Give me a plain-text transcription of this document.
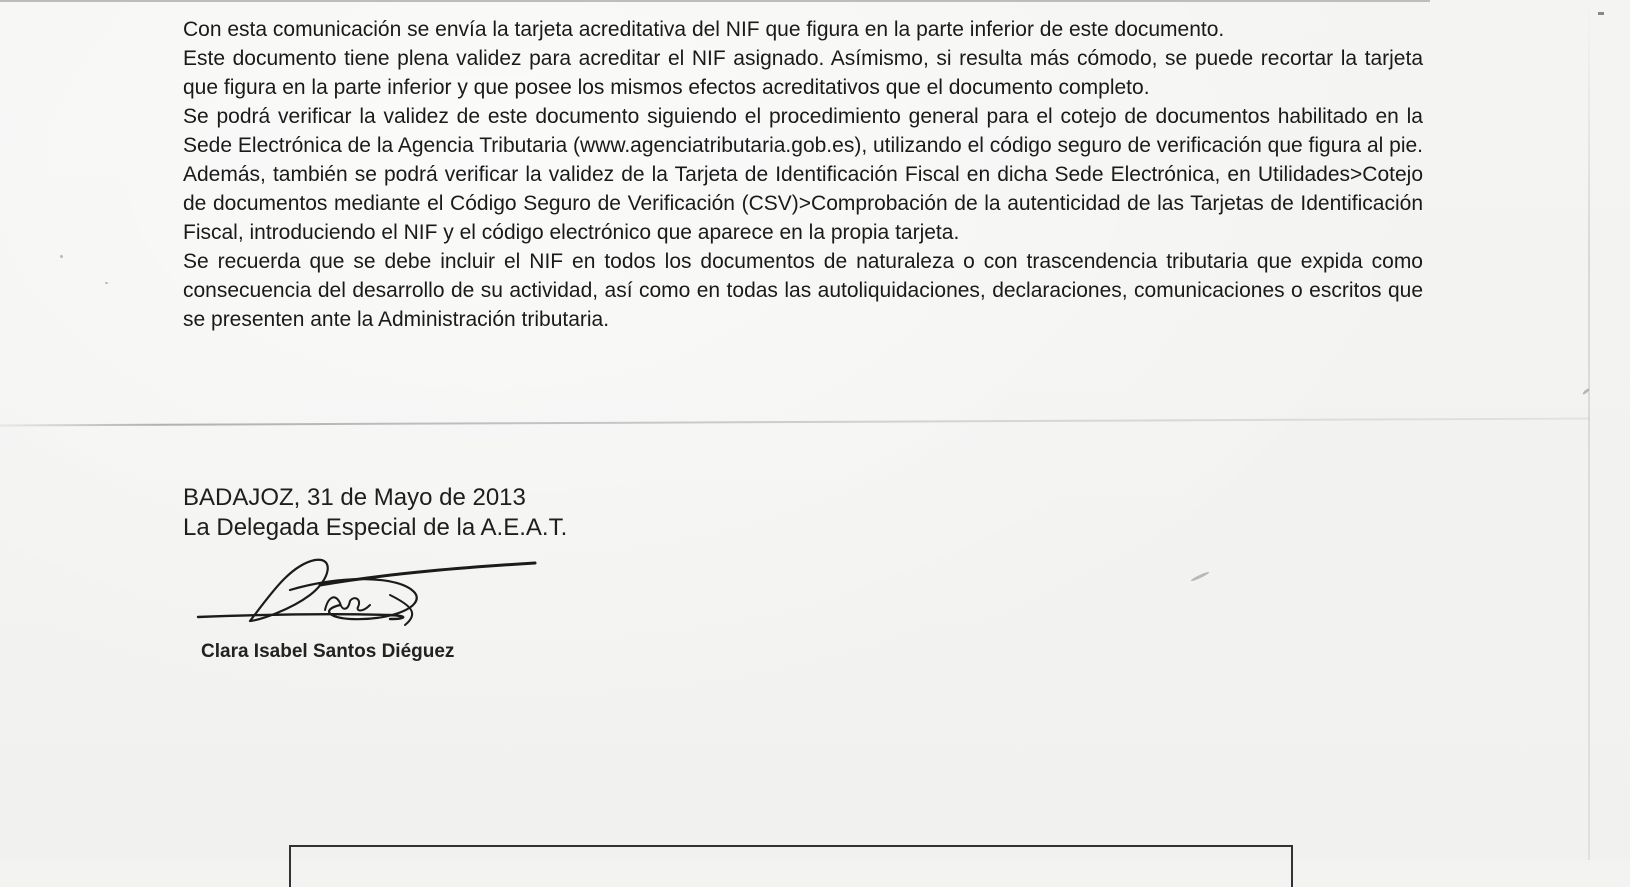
Con esta comunicación se envía la tarjeta acreditativa del NIF que figura en la parte inferior de este documento.

Este documento tiene plena validez para acreditar el NIF asignado. Asímismo, si resulta más cómodo, se puede recortar la tarjeta que figura en la parte inferior y que posee los mismos efectos acreditativos que el documento completo.

Se podrá verificar la validez de este documento siguiendo el procedimiento general para el cotejo de documentos habilitado en la Sede Electrónica de la Agencia Tributaria (www.agenciatributaria.gob.es), utilizando el código seguro de verificación que figura al pie. Además, también se podrá verificar la validez de la Tarjeta de Identificación Fiscal en dicha Sede Electrónica, en Utilidades>Cotejo de documentos mediante el Código Seguro de Verificación (CSV)>Comprobación de la autenticidad de las Tarjetas de Identificación Fiscal, introduciendo el NIF y el código electrónico que aparece en la propia tarjeta.

Se recuerda que se debe incluir el NIF en todos los documentos de naturaleza o con trascendencia tributaria que expida como consecuencia del desarrollo de su actividad, así como en todas las autoliquidaciones, declaraciones, comunicaciones o escritos que se presenten ante la Administración tributaria.

BADAJOZ, 31 de Mayo de 2013
La Delegada Especial de la A.E.A.T.
Clara Isabel Santos Diéguez
